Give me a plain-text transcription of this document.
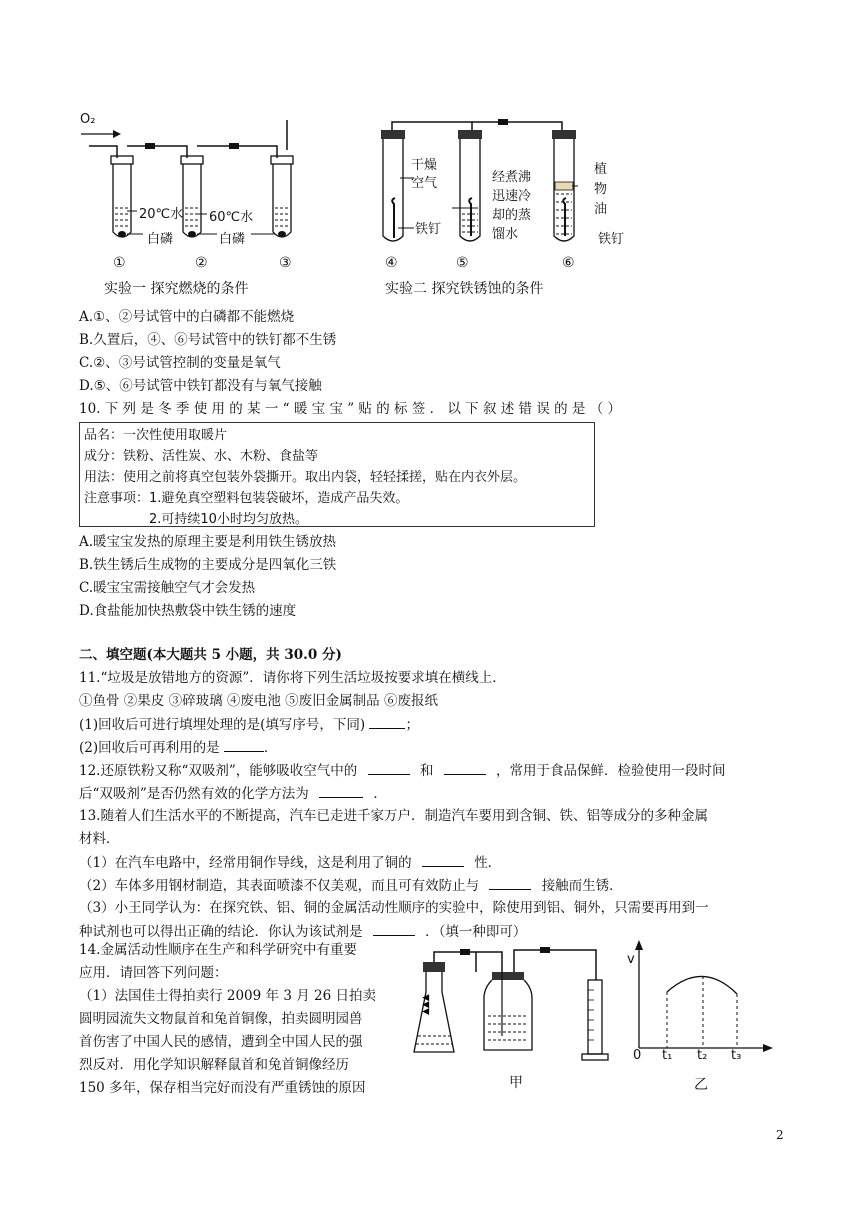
O₂
20℃水 60℃水
白磷	白磷
①	②	③
实验一 探究燃烧的条件
干燥
空气
铁钉
经煮沸
迅速冷
却的蒸
馏水
植
物
油
铁钉
④	⑤	⑥
实验二 探究铁锈蚀的条件
A.①、②号试管中的白磷都不能燃烧
B.久置后，④、⑥号试管中的铁钉都不生锈
C.②、③号试管控制的变量是氧气
D.⑤、⑥号试管中铁钉都没有与氧气接触
10. 下 列 是 冬 季 使 用 的 某 一 “ 暖 宝 宝 ” 贴 的 标 签 ． 以 下 叙 述 错 误 的 是 （ ）
品名：一次性使用取暖片
成分：铁粉、活性炭、水、木粉、食盐等
用法：使用之前将真空包装外袋撕开。取出内袋，轻轻揉搓，贴在内衣外层。
注意事项：1.避免真空塑料包装袋破坏，造成产品失效。
　　　　　2.可持续10小时均匀放热。
A.暖宝宝发热的原理主要是利用铁生锈放热
B.铁生锈后生成物的主要成分是四氧化三铁
C.暖宝宝需接触空气才会发热
D.食盐能加快热敷袋中铁生锈的速度
二、填空题(本大题共 5 小题，共 30.0 分)
11.“垃圾是放错地方的资源”．请你将下列生活垃圾按要求填在横线上．
①鱼骨 ②果皮 ③碎玻璃 ④废电池 ⑤废旧金属制品 ⑥废报纸
(1)回收后可进行填埋处理的是(填写序号，下同)	；
(2)回收后可再利用的是	．
12.还原铁粉又称“双吸剂”，能够吸收空气中的	和	，常用于食品保鲜．检验使用一段时间
后“双吸剂”是否仍然有效的化学方法为	．
13.随着人们生活水平的不断提高，汽车已走进千家万户．制造汽车要用到含铜、铁、铝等成分的多种金属
材料．
（1）在汽车电路中，经常用铜作导线，这是利用了铜的	性．
（2）车体多用钢材制造，其表面喷漆不仅美观，而且可有效防止与	接触而生锈．
（3）小王同学认为：在探究铁、铝、铜的金属活动性顺序的实验中，除使用到铝、铜外，只需要再用到一
种试剂也可以得出正确的结论．你认为该试剂是	．（填一种即可）
14.金属活动性顺序在生产和科学研究中有重要
应用．请回答下列问题：
（1）法国佳士得拍卖行 2009 年 3 月 26 日拍卖
圆明园流失文物鼠首和兔首铜像，拍卖圆明园兽
首伤害了中国人民的感情，遭到全中国人民的强
烈反对．用化学知识解释鼠首和兔首铜像经历
150 多年，保存相当完好而没有严重锈蚀的原因
▲▲▲
甲
v
0 t₁ t₂ t₃
乙
2
